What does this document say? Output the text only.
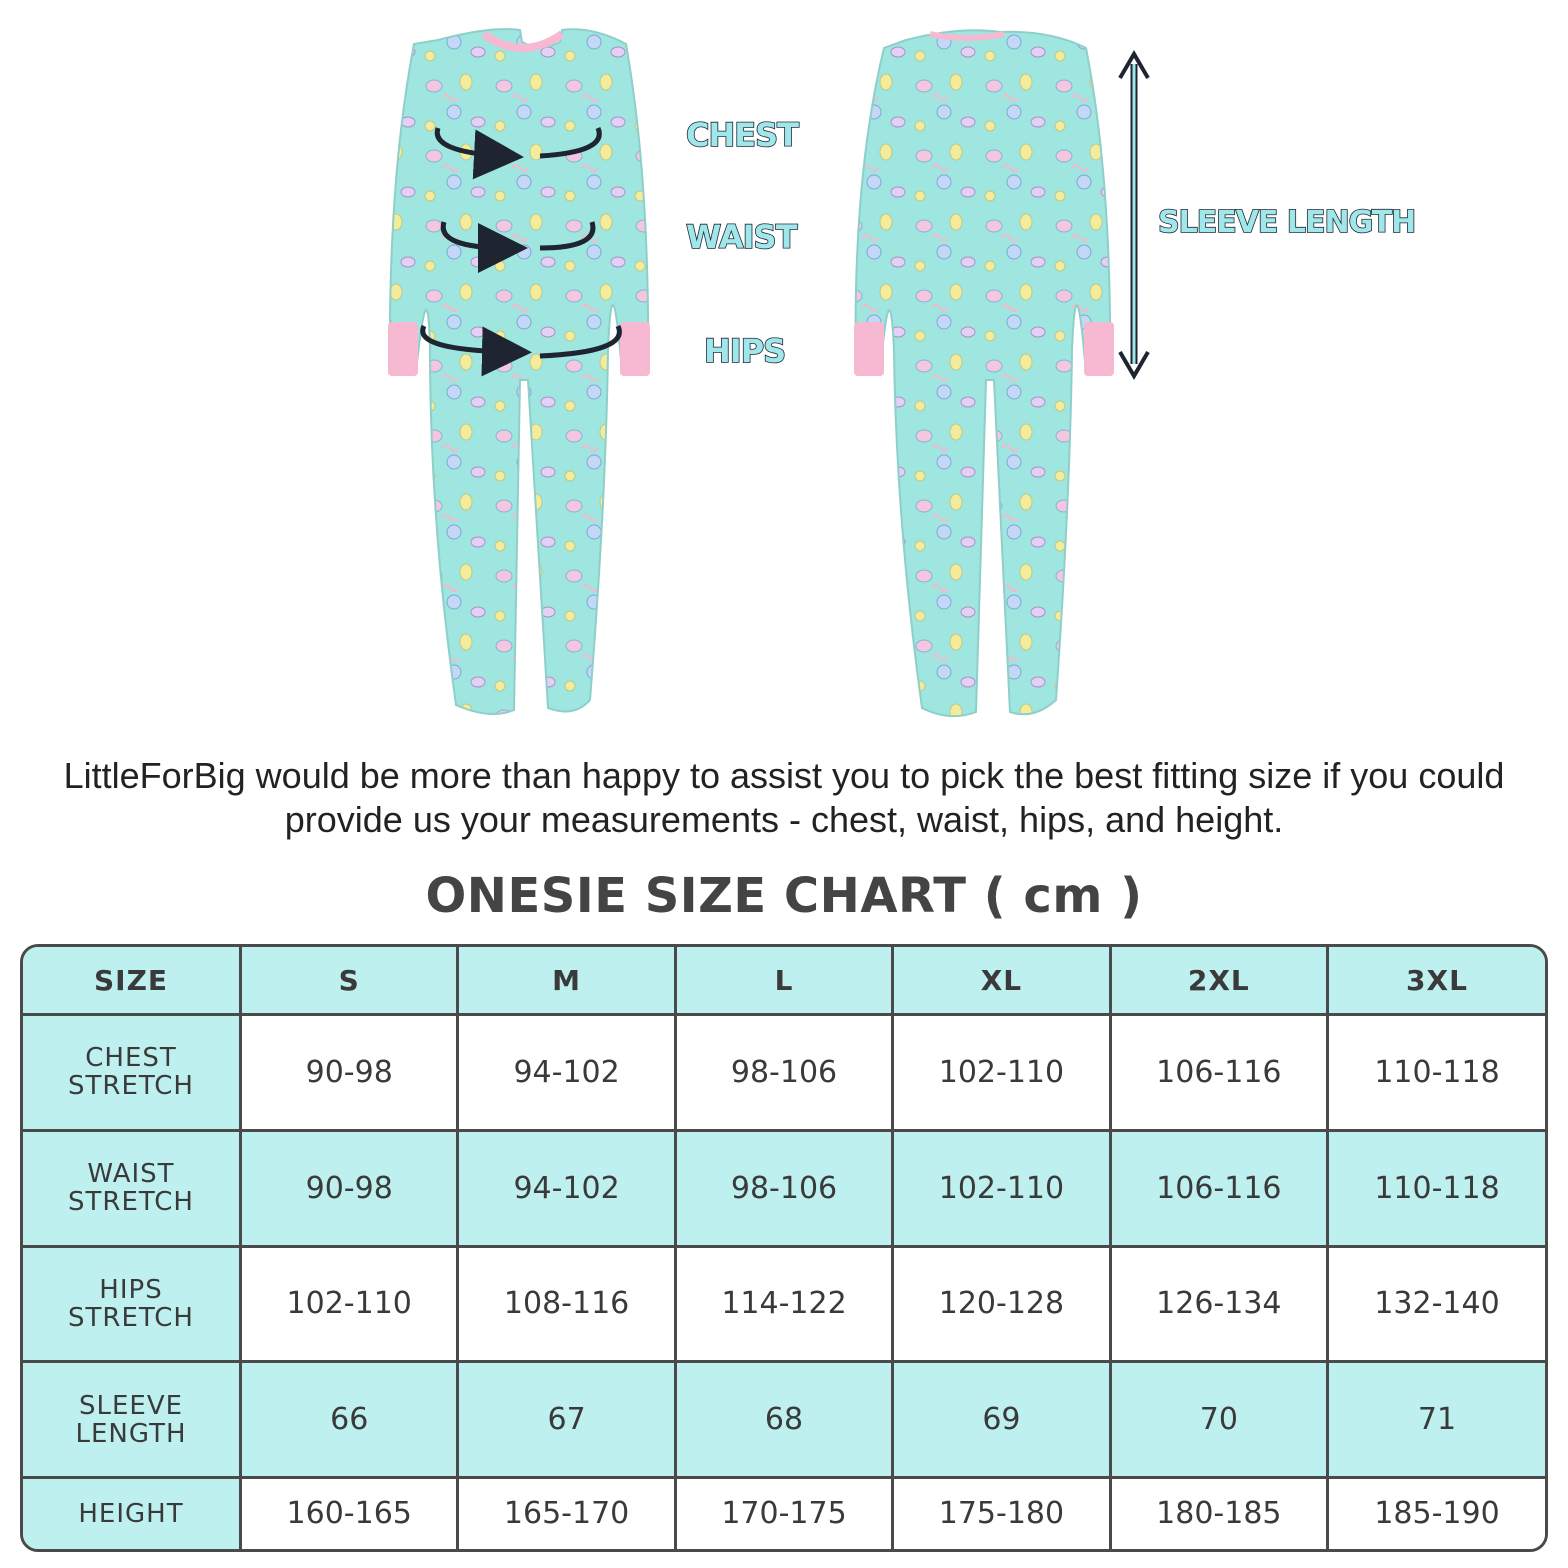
CHEST
WAIST
HIPS
SLEEVE LENGTH
LittleForBig would be more than happy to assist you to pick the best fitting size if you could provide us your measurements - chest, waist, hips, and height.
ONESIE SIZE CHART ( cm )
SIZE	S	M	L	XL	2XL	3XL
CHEST
STRETCH	90-98	94-102	98-106	102-110	106-116	110-118
WAIST
STRETCH	90-98	94-102	98-106	102-110	106-116	110-118
HIPS
STRETCH	102-110	108-116	114-122	120-128	126-134	132-140
SLEEVE
LENGTH	66	67	68	69	70	71
HEIGHT	160-165	165-170	170-175	175-180	180-185	185-190
